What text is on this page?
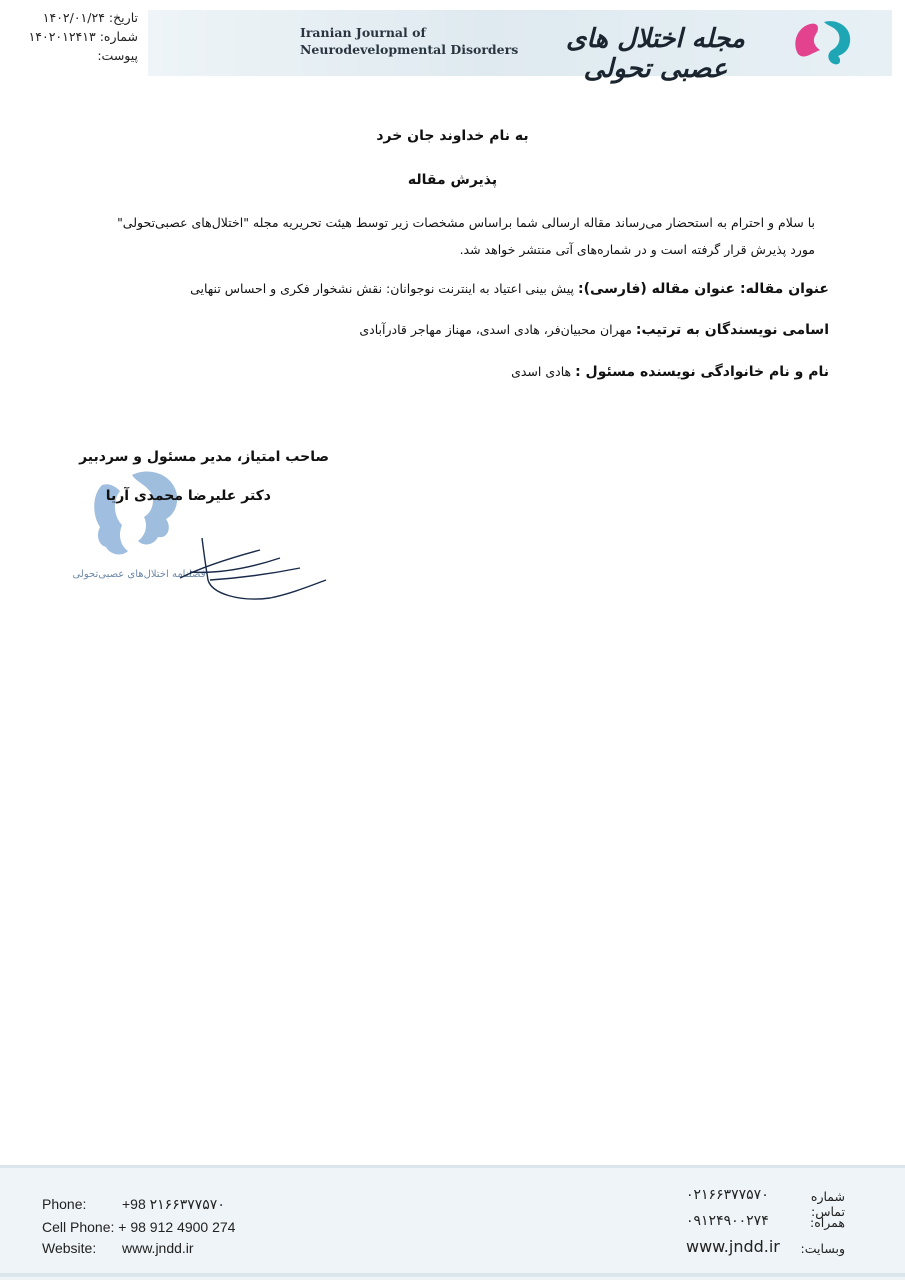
تاریخ: ۱۴۰۲/۰۱/۲۴
شماره: ۱۴۰۲۰۱۲۴۱۳
پیوست:
Iranian Journal of
Neurodevelopmental Disorders	مجله اختلال های عصبی تحولی
به نام خداوند جان خرد
پذیرش مقاله
با سلام و احترام به استحضار می‌رساند مقاله ارسالی شما براساس مشخصات زیر توسط هیئت تحریریه مجله "اختلال‌های عصبی‌تحولی"
مورد پذیرش قرار گرفته است و در شماره‌های آتی منتشر خواهد شد.
عنوان مقاله: عنوان مقاله (فارسی): پیش بینی اعتیاد به اینترنت نوجوانان: نقش نشخوار فکری و احساس تنهایی
اسامی نویسندگان به ترتیب: مهران محبیان‌فر، هادی اسدی، مهناز مهاجر قادرآبادی
نام و نام خانوادگی نویسنده مسئول : هادی اسدی
فصلنامه اختلال‌های عصبی‌تحولی
صاحب امتیاز، مدیر مسئول و سردبیر
دکتر علیرضا محمدی آریا
Phone:	+98 ۲۱۶۶۳۷۷۵۷۰
Cell Phone: + 98 912 4900 274
Website: www.jndd.ir
شماره تماس:
۰۲۱۶۶۳۷۷۵۷۰
همراه:
۰۹۱۲۴۹۰۰۲۷۴
وبسایت:
www.jndd.ir
